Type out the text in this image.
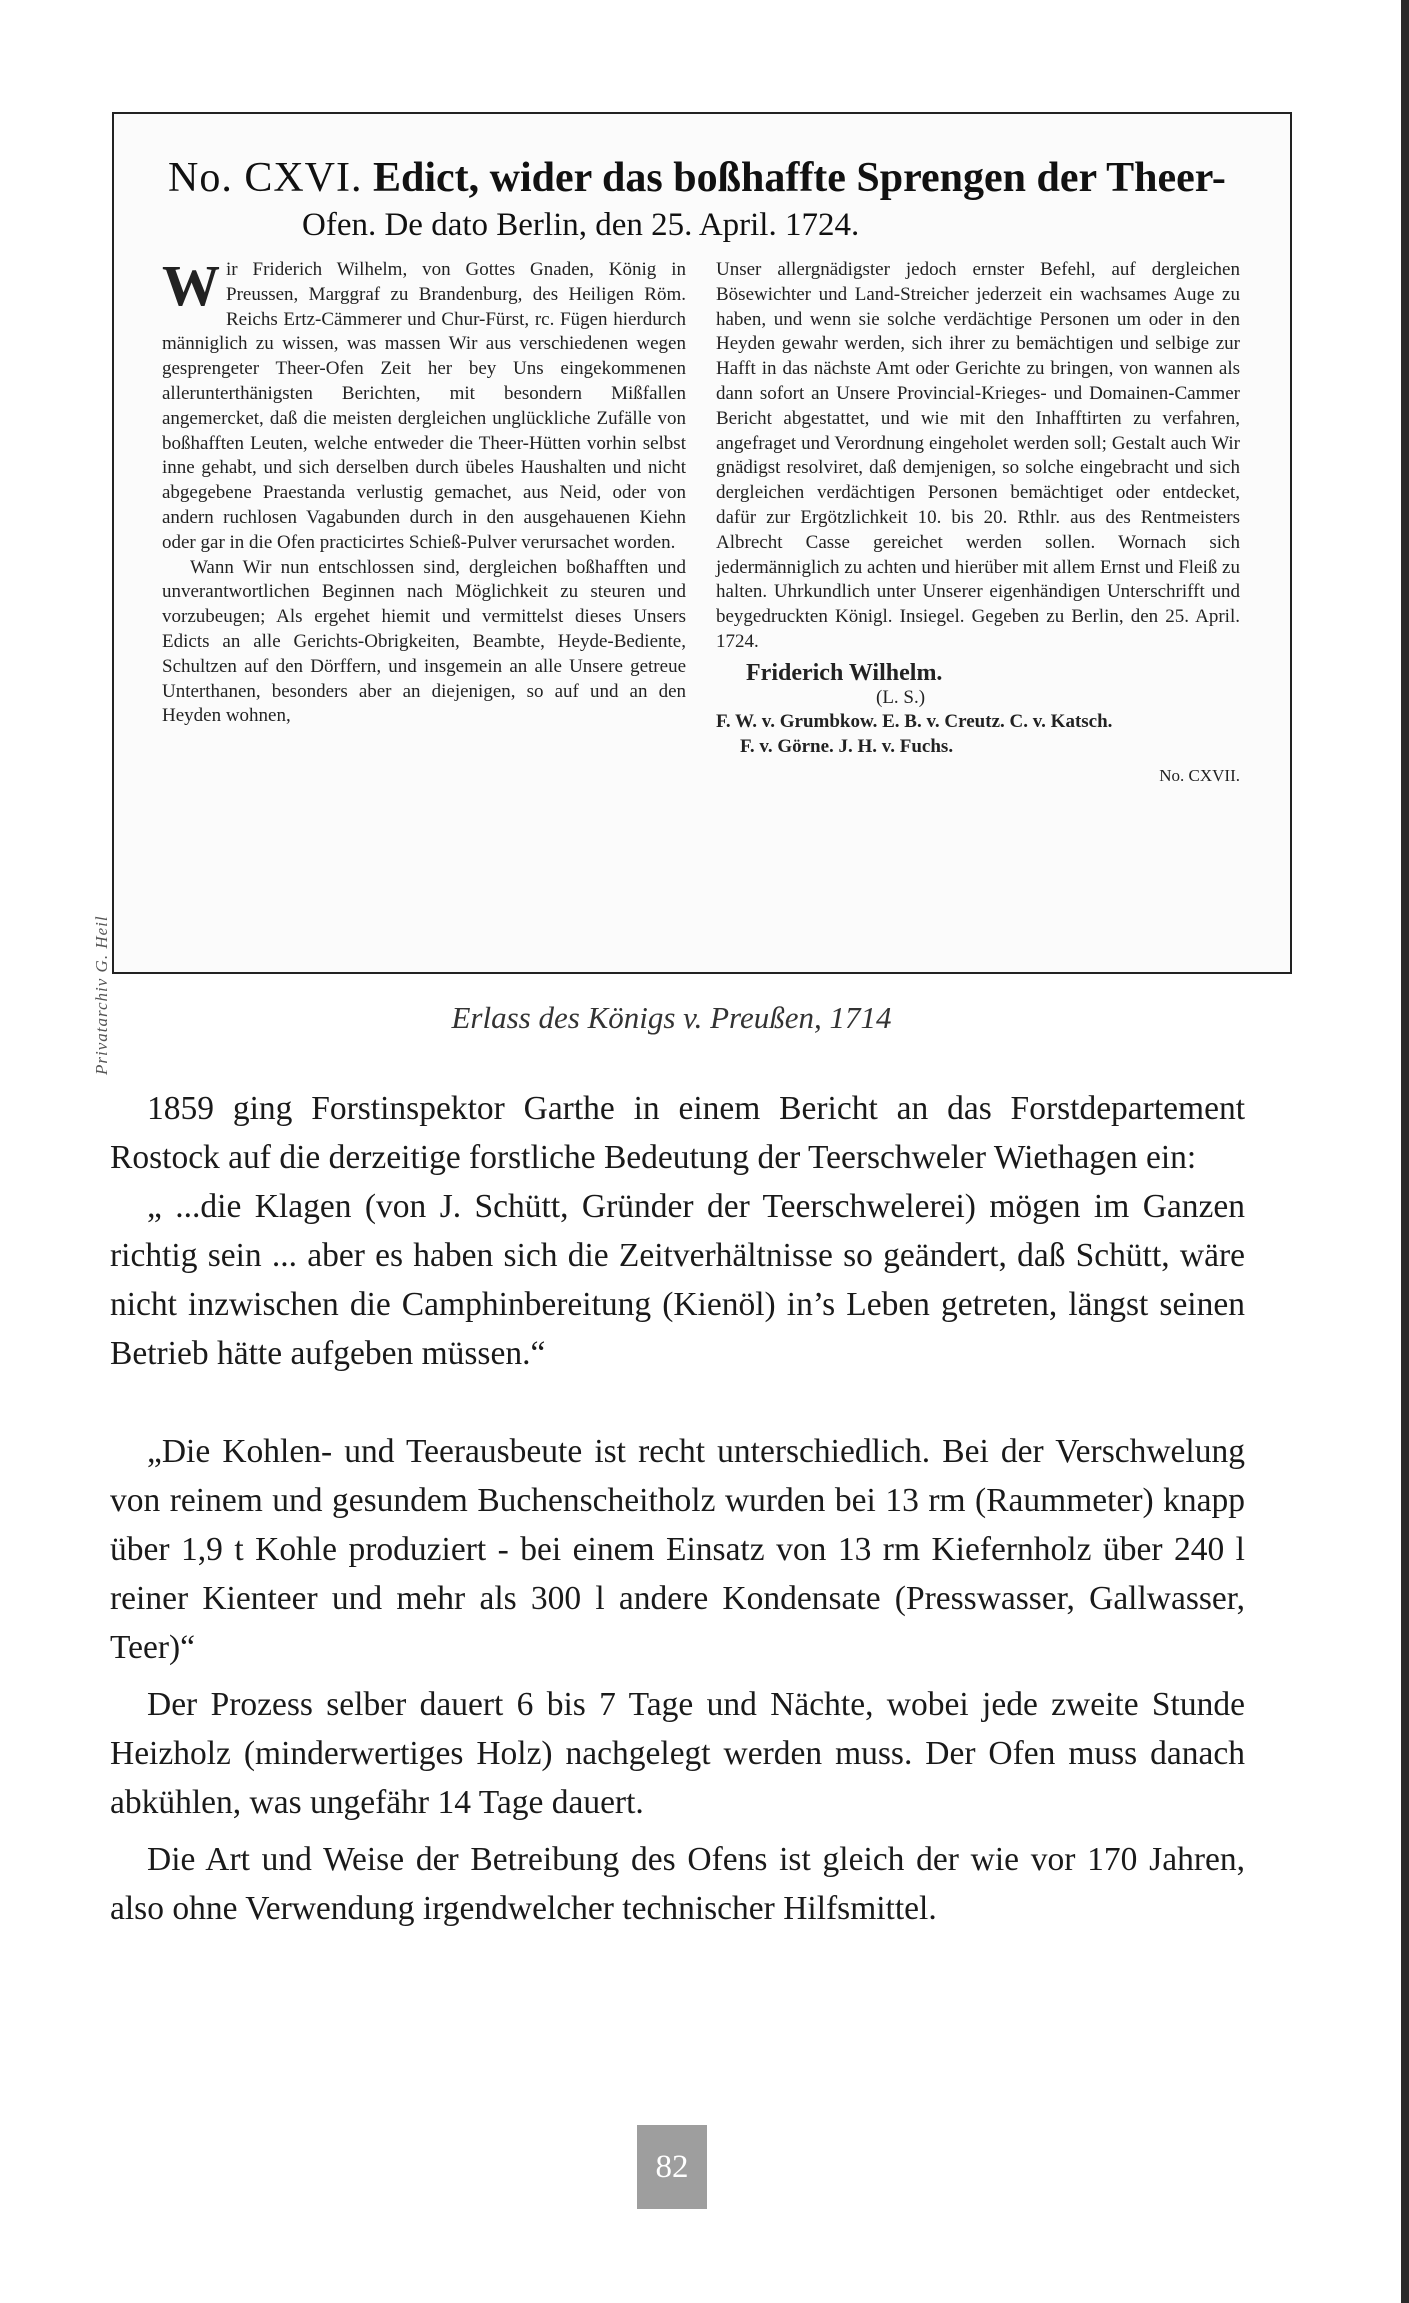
Privatarchiv G. Heil

No. CXVI. Edict, wider das boßhaffte Sprengen der Theer-

Ofen. De dato Berlin, den 25. April. 1724.

Wir Friderich Wilhelm, von Gottes Gnaden, König in Preussen, Marggraf zu Brandenburg, des Heiligen Röm. Reichs Ertz-Cämmerer und Chur-Fürst, rc. Fügen hierdurch männiglich zu wissen, was massen Wir aus verschiedenen wegen gesprengeter Theer-Ofen Zeit her bey Uns eingekommenen allerunterthänigsten Berichten, mit besondern Mißfallen angemercket, daß die meisten dergleichen unglückliche Zufälle von boßhafften Leuten, welche entweder die Theer-Hütten vorhin selbst inne gehabt, und sich derselben durch übeles Haushalten und nicht abgegebene Praestanda verlustig gemachet, aus Neid, oder von andern ruchlosen Vagabunden durch in den ausgehauenen Kiehn oder gar in die Ofen practicirtes Schieß-Pulver verursachet worden.

Wann Wir nun entschlossen sind, dergleichen boßhafften und unverantwortlichen Beginnen nach Möglichkeit zu steuren und vorzubeugen; Als ergehet hiemit und vermittelst dieses Unsers Edicts an alle Gerichts-Obrigkeiten, Beambte, Heyde-Bediente, Schultzen auf den Dörffern, und insgemein an alle Unsere getreue Unterthanen, besonders aber an diejenigen, so auf und an den Heyden wohnen,

Unser allergnädigster jedoch ernster Befehl, auf dergleichen Bösewichter und Land-Streicher jederzeit ein wachsames Auge zu haben, und wenn sie solche verdächtige Personen um oder in den Heyden gewahr werden, sich ihrer zu bemächtigen und selbige zur Hafft in das nächste Amt oder Gerichte zu bringen, von wannen als dann sofort an Unsere Provincial-Krieges- und Domainen-Cammer Bericht abgestattet, und wie mit den Inhafftirten zu verfahren, angefraget und Verordnung eingeholet werden soll; Gestalt auch Wir gnädigst resolviret, daß demjenigen, so solche eingebracht und sich dergleichen verdächtigen Personen bemächtiget oder entdecket, dafür zur Ergötzlichkeit 10. bis 20. Rthlr. aus des Rentmeisters Albrecht Casse gereichet werden sollen. Wornach sich jedermänniglich zu achten und hierüber mit allem Ernst und Fleiß zu halten. Uhrkundlich unter Unserer eigenhändigen Unterschrifft und beygedruckten Königl. Insiegel. Gegeben zu Berlin, den 25. April. 1724.

Friderich Wilhelm.

(L. S.)

F. W. v. Grumbkow. E. B. v. Creutz. C. v. Katsch.

F. v. Görne. J. H. v. Fuchs.

No. CXVII.

Erlass des Königs v. Preußen, 1714

1859 ging Forstinspektor Garthe in einem Bericht an das Forstdepartement Rostock auf die derzeitige forstliche Bedeutung der Teerschweler Wiethagen ein:

„ ...die Klagen (von J. Schütt, Gründer der Teerschwelerei) mögen im Ganzen richtig sein ... aber es haben sich die Zeitverhältnisse so geändert, daß Schütt, wäre nicht inzwischen die Camphinbereitung (Kienöl) in’s Leben getreten, längst seinen Betrieb hätte aufgeben müssen.“

„Die Kohlen- und Teerausbeute ist recht unterschiedlich. Bei der Verschwelung von reinem und gesundem Buchenscheitholz wurden bei 13 rm (Raummeter) knapp über 1,9 t Kohle produziert - bei einem Einsatz von 13 rm Kiefernholz über 240 l reiner Kienteer und mehr als 300 l andere Kondensate (Presswasser, Gallwasser, Teer)“

Der Prozess selber dauert 6 bis 7 Tage und Nächte, wobei jede zweite Stunde Heizholz (minderwertiges Holz) nachgelegt werden muss. Der Ofen muss danach abkühlen, was ungefähr 14 Tage dauert.

Die Art und Weise der Betreibung des Ofens ist gleich der wie vor 170 Jahren, also ohne Verwendung irgendwelcher technischer Hilfsmittel.

82
